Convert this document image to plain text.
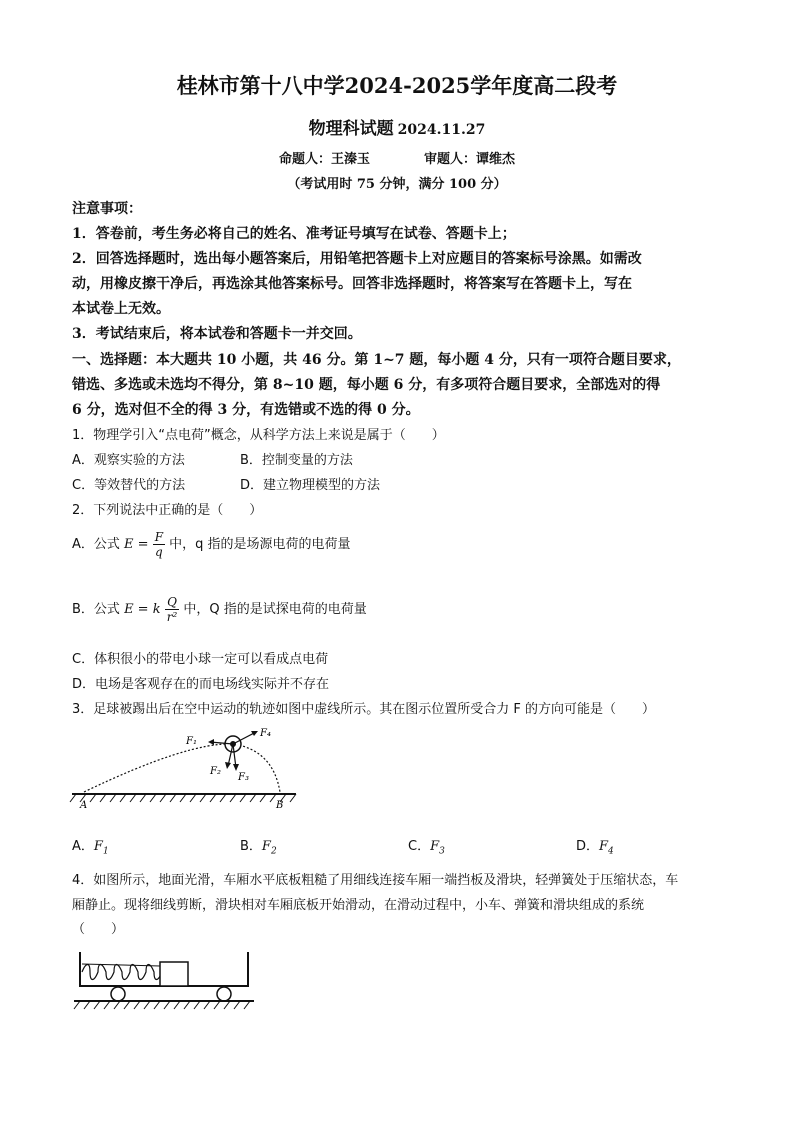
桂林市第十八中学2024-2025学年度高二段考
物理科试题 2024.11.27
命题人：王溱玉	审题人：谭维杰
（考试用时 75 分钟，满分 100 分）
注意事项：
1．答卷前，考生务必将自己的姓名、准考证号填写在试卷、答题卡上；
2．回答选择题时，选出每小题答案后，用铅笔把答题卡上对应题目的答案标号涂黑。如需改
动，用橡皮擦干净后，再选涂其他答案标号。回答非选择题时，将答案写在答题卡上，写在
本试卷上无效。
3．考试结束后，将本试卷和答题卡一并交回。
一、选择题：本大题共 10 小题，共 46 分。第 1~7 题，每小题 4 分，只有一项符合题目要求，
错选、多选或未选均不得分，第 8~10 题，每小题 6 分，有多项符合题目要求，全部选对的得
6 分，选对但不全的得 3 分，有选错或不选的得 0 分。
1．物理学引入“点电荷”概念，从科学方法上来说是属于（　　）
A．观察实验的方法	B．控制变量的方法
C．等效替代的方法	D．建立物理模型的方法
2．下列说法中正确的是（　　）
A．公式 $E = \frac{F}{q}$ 中，q 指的是场源电荷的电荷量
B．公式 E = k $\frac{Q}{\text{r²}}$ 中，Q 指的是试探电荷的电荷量
C．体积很小的带电小球一定可以看成点电荷
D．电场是客观存在的而电场线实际并不存在
3．足球被踢出后在空中运动的轨迹如图中虚线所示。其在图示位置所受合力 F 的方向可能是（　　）
F₁
F₄
F₂
F₃
A	B
A．$F_1$	B．$F_2$	C．$F_3$	D．$F_4$
4．如图所示，地面光滑，车厢水平底板粗糙了用细线连接车厢一端挡板及滑块，轻弹簧处于压缩状态，车
厢静止。现将细线剪断，滑块相对车厢底板开始滑动，在滑动过程中，小车、弹簧和滑块组成的系统
（　　）
